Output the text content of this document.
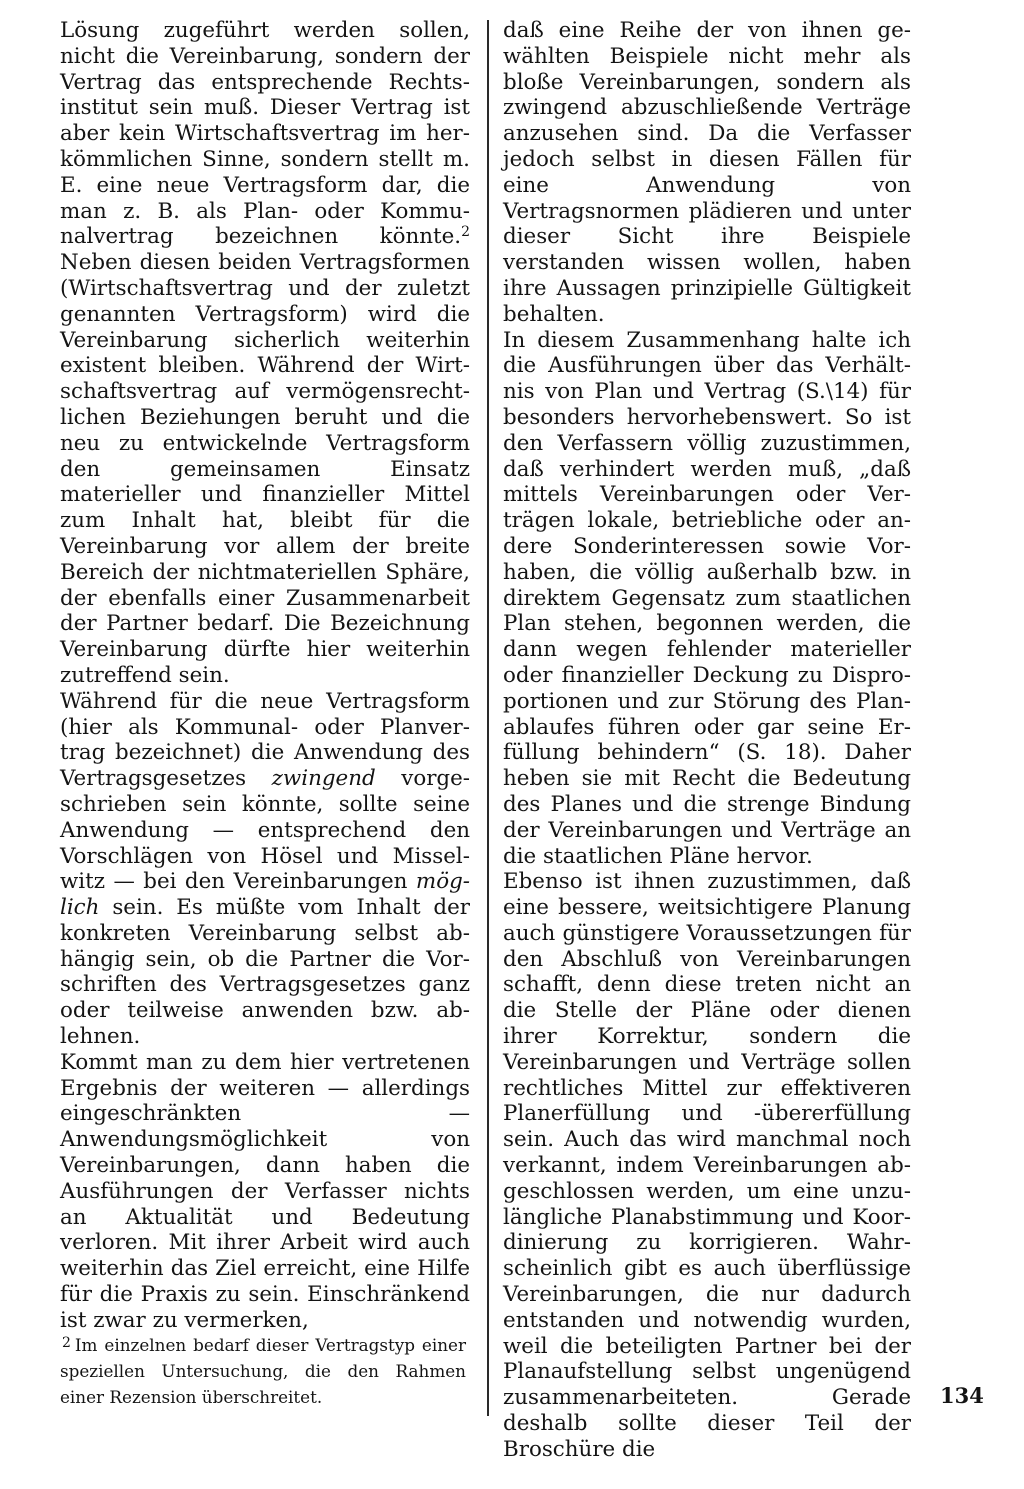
Lösung zugeführt werden sollen, nicht die Vereinbarung, sondern der Vertrag das entsprechende Rechtsinstitut sein muß. Dieser Vertrag ist aber kein Wirtschaftsvertrag im herkömmlichen Sinne, sondern stellt m. E. eine neue Vertragsform dar, die man z. B. als Plan- oder Kommunalvertrag bezeichnen könnte.$^2$ Neben diesen beiden Vertragsformen (Wirtschaftsvertrag und der zuletzt genannten Vertragsform) wird die Vereinbarung sicherlich weiterhin existent bleiben. Während der Wirtschaftsvertrag auf vermögensrechtlichen Beziehungen beruht und die neu zu entwickelnde Vertragsform den gemeinsamen Einsatz materieller und finanzieller Mittel zum Inhalt hat, bleibt für die Vereinbarung vor allem der breite Bereich der nichtmateriellen Sphäre, der ebenfalls einer Zusammenarbeit der Partner bedarf. Die Bezeichnung Vereinbarung dürfte hier weiterhin zutreffend sein.

Während für die neue Vertragsform (hier als Kommunal- oder Planvertrag bezeichnet) die Anwendung des Vertragsgesetzes zwingend vorgeschrieben sein könnte, sollte seine Anwendung — entsprechend den Vorschlägen von Hösel und Misselwitz — bei den Vereinbarungen möglich sein. Es müßte vom Inhalt der konkreten Vereinbarung selbst abhängig sein, ob die Partner die Vorschriften des Vertragsgesetzes ganz oder teilweise anwenden bzw. ablehnen.

Kommt man zu dem hier vertretenen Ergebnis der weiteren — allerdings eingeschränkten — Anwendungsmöglichkeit von Vereinbarungen, dann haben die Ausführungen der Verfasser nichts an Aktualität und Bedeutung verloren. Mit ihrer Arbeit wird auch weiterhin das Ziel erreicht, eine Hilfe für die Praxis zu sein. Einschränkend ist zwar zu vermerken,

$^2$ Im einzelnen bedarf dieser Vertragstyp einer speziellen Untersuchung, die den Rahmen einer Rezension überschreitet.

daß eine Reihe der von ihnen gewählten Beispiele nicht mehr als bloße Vereinbarungen, sondern als zwingend abzuschließende Verträge anzusehen sind. Da die Verfasser jedoch selbst in diesen Fällen für eine Anwendung von Vertragsnormen plädieren und unter dieser Sicht ihre Beispiele verstanden wissen wollen, haben ihre Aussagen prinzipielle Gültigkeit behalten.

In diesem Zusammenhang halte ich die Ausführungen über das Verhältnis von Plan und Vertrag (S.\14) für besonders hervorhebenswert. So ist den Verfassern völlig zuzustimmen, daß verhindert werden muß, „daß mittels Vereinbarungen oder Verträgen lokale, betriebliche oder andere Sonderinteressen sowie Vorhaben, die völlig außerhalb bzw. in direktem Gegensatz zum staatlichen Plan stehen, begonnen werden, die dann wegen fehlender materieller oder finanzieller Deckung zu Disproportionen und zur Störung des Planablaufes führen oder gar seine Erfüllung behindern“ (S. 18). Daher heben sie mit Recht die Bedeutung des Planes und die strenge Bindung der Vereinbarungen und Verträge an die staatlichen Pläne hervor.

Ebenso ist ihnen zuzustimmen, daß eine bessere, weitsichtigere Planung auch günstigere Voraussetzungen für den Abschluß von Vereinbarungen schafft, denn diese treten nicht an die Stelle der Pläne oder dienen ihrer Korrektur, sondern die Vereinbarungen und Verträge sollen rechtliches Mittel zur effektiveren Planerfüllung und -übererfüllung sein. Auch das wird manchmal noch verkannt, indem Vereinbarungen abgeschlossen werden, um eine unzulängliche Planabstimmung und Koordinierung zu korrigieren. Wahrscheinlich gibt es auch überflüssige Vereinbarungen, die nur dadurch entstanden und notwendig wurden, weil die beteiligten Partner bei der Planaufstellung selbst ungenügend zusammenarbeiteten. Gerade deshalb sollte dieser Teil der Broschüre die

134
